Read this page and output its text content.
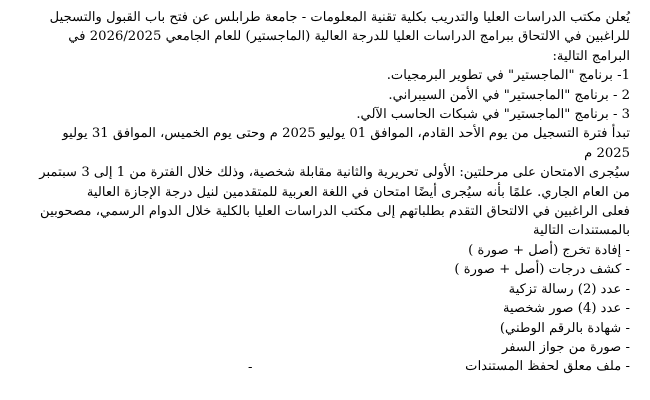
يُعلن مكتب الدراسات العليا والتدريب بكلية تقنية المعلومات - جامعة طرابلس عن فتح باب القبول والتسجيل للراغبين في الالتحاق ببرامج الدراسات العليا للدرجة العالية (الماجستير) للعام الجامعي 2026/2025 في البرامج التالية:

1- برنامج "الماجستير" في تطوير البرمجيات.

2 - برنامج "الماجستير" في الأمن السيبراني.

3 - برنامج "الماجستير" في شبكات الحاسب الآلي.

تبدأ فترة التسجيل من يوم الأحد القادم، الموافق 01 يوليو 2025 م وحتى يوم الخميس، الموافق 31 يوليو 2025 م

سيُجرى الامتحان على مرحلتين: الأولى تحريرية والثانية مقابلة شخصية، وذلك خلال الفترة من 1 إلى 3 سبتمبر من العام الجاري. علمًا بأنه سيُجرى أيضًا امتحان في اللغة العربية للمتقدمين لنيل درجة الإجازة العالية

فعلى الراغبين في الالتحاق التقدم بطلباتهم إلى مكتب الدراسات العليا بالكلية خلال الدوام الرسمي، مصحوبين بالمستندات التالية

- إفادة تخرج (أصل + صورة )

- كشف درجات (أصل + صورة )

- عدد (2) رسالة تزكية

- عدد (4) صور شخصية

- شهادة بالرقم الوطني)

- صورة من جواز السفر

- ملف معلق لحفظ المستندات

-
